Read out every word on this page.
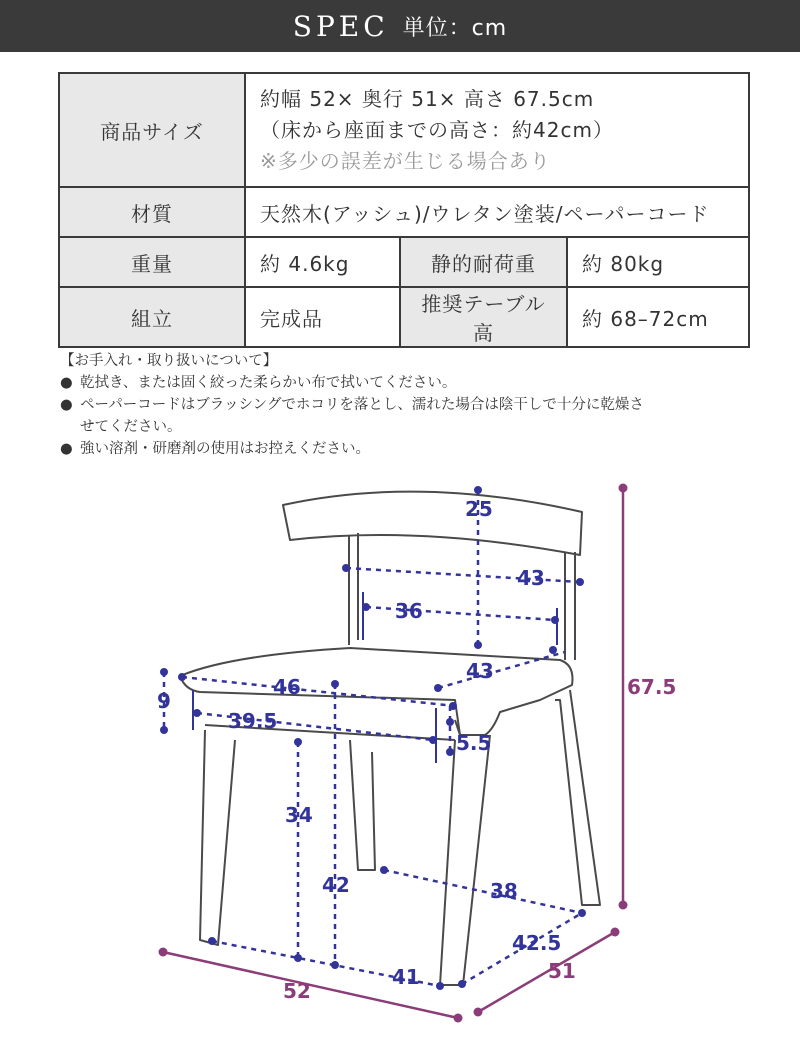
SPEC 単位：cm
商品サイズ	約幅 52× 奥行 51× 高さ 67.5cm
（床から座面までの高さ：約42cm）
※多少の誤差が生じる場合あり		

材質	天然木(アッシュ)/ウレタン塗装/ペーパーコード		
重量	約 4.6kg	静的耐荷重	約 80kg
組立	完成品	推奨テーブル高	約 68–72cm
【お手入れ・取り扱いについて】
● 乾拭き、または固く絞った柔らかい布で拭いてください。
● ペーパーコードはブラッシングでホコリを落とし、濡れた場合は陰干しで十分に乾燥さ
せてください。
● 強い溶剤・研磨剤の使用はお控えください。
25
43
36
43
46
39.5
9
5.5
34
42	38
42.5
41
67.5
52
51
